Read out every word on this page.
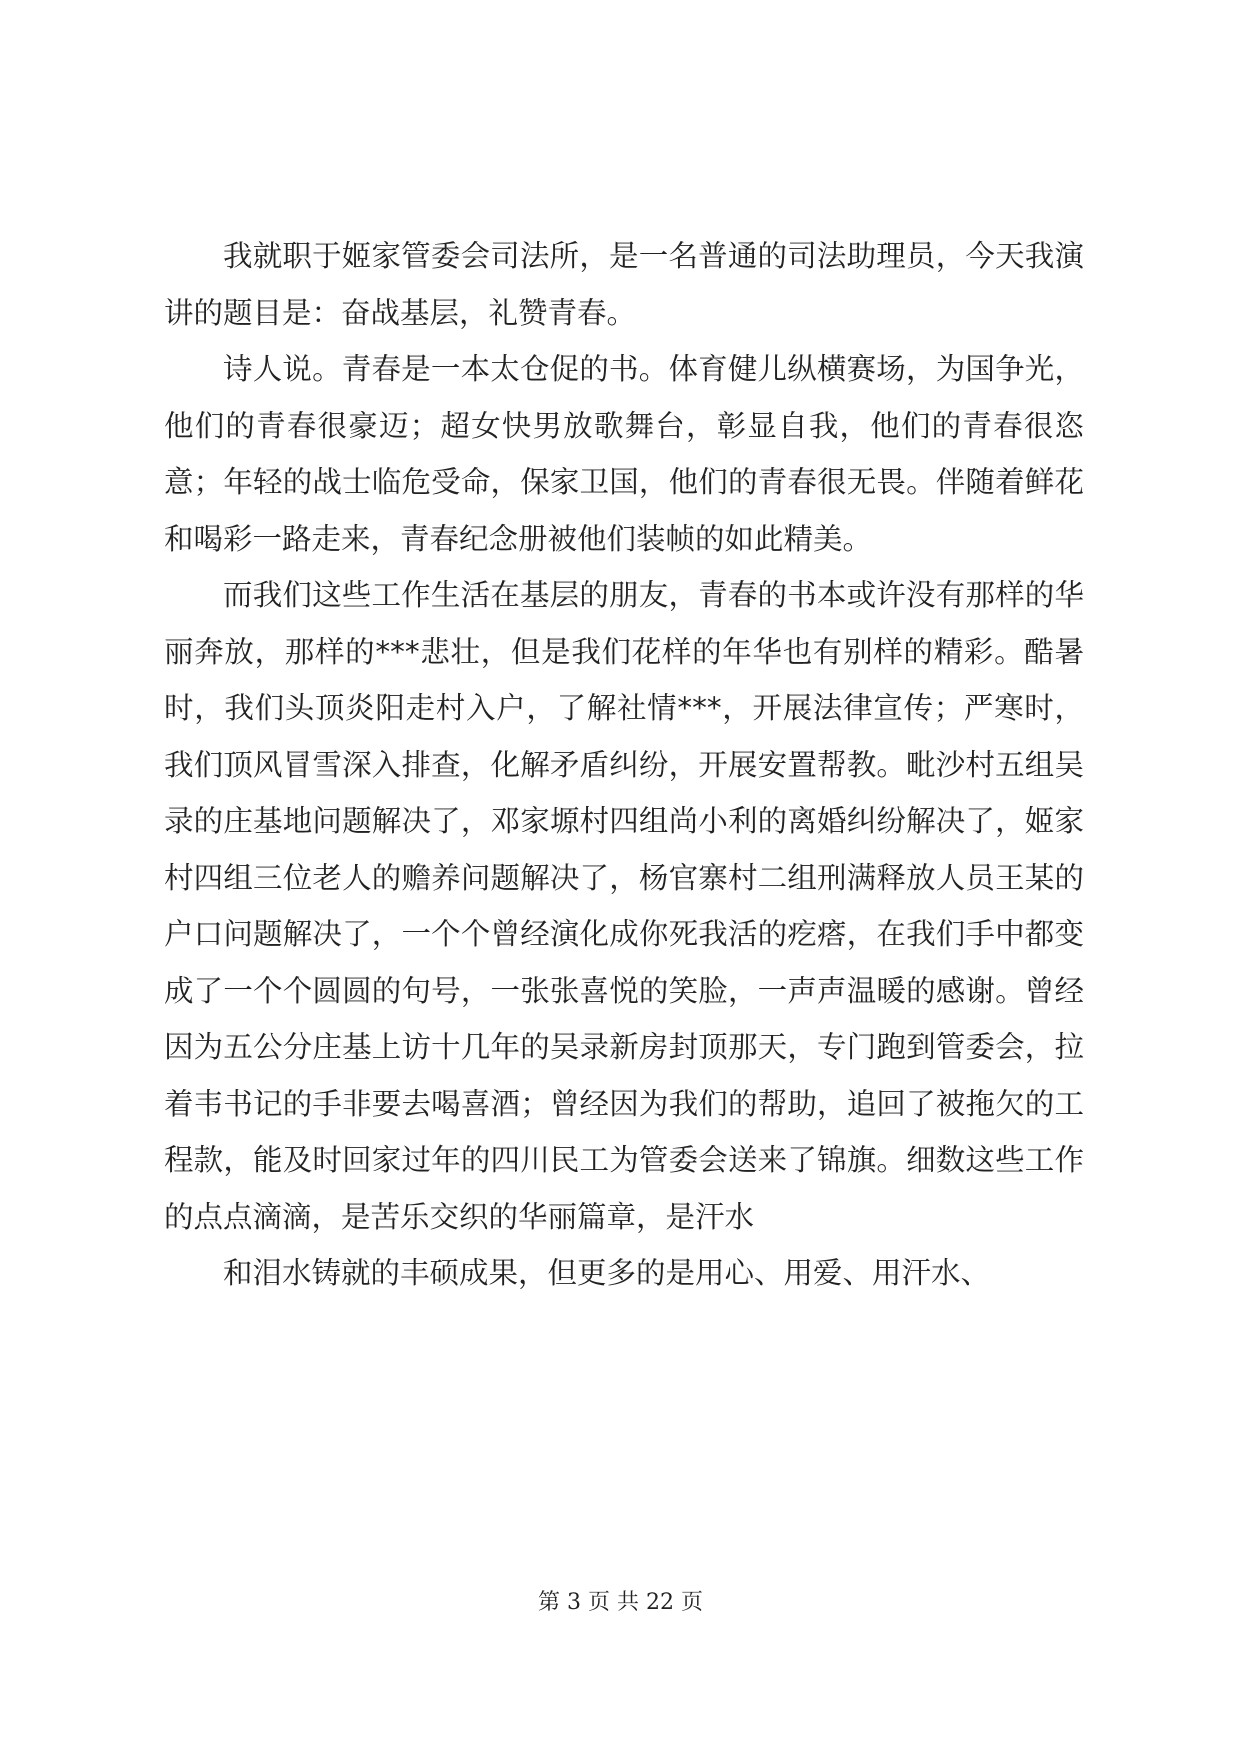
我就职于姬家管委会司法所，是一名普通的司法助理员，今天我演讲的题目是：奋战基层，礼赞青春。

诗人说。青春是一本太仓促的书。体育健儿纵横赛场，为国争光，他们的青春很豪迈；超女快男放歌舞台，彰显自我，他们的青春很恣意；年轻的战士临危受命，保家卫国，他们的青春很无畏。伴随着鲜花和喝彩一路走来，青春纪念册被他们装帧的如此精美。

而我们这些工作生活在基层的朋友，青春的书本或许没有那样的华丽奔放，那样的***悲壮，但是我们花样的年华也有别样的精彩。酷暑时，我们头顶炎阳走村入户，了解社情***，开展法律宣传；严寒时，我们顶风冒雪深入排查，化解矛盾纠纷，开展安置帮教。毗沙村五组吴录的庄基地问题解决了，邓家塬村四组尚小利的离婚纠纷解决了，姬家村四组三位老人的赡养问题解决了，杨官寨村二组刑满释放人员王某的户口问题解决了，一个个曾经演化成你死我活的疙瘩，在我们手中都变成了一个个圆圆的句号，一张张喜悦的笑脸，一声声温暖的感谢。曾经因为五公分庄基上访十几年的吴录新房封顶那天，专门跑到管委会，拉着韦书记的手非要去喝喜酒；曾经因为我们的帮助，追回了被拖欠的工程款，能及时回家过年的四川民工为管委会送来了锦旗。细数这些工作的点点滴滴，是苦乐交织的华丽篇章，是汗水

和泪水铸就的丰硕成果，但更多的是用心、用爱、用汗水、

第 3 页 共 22 页
